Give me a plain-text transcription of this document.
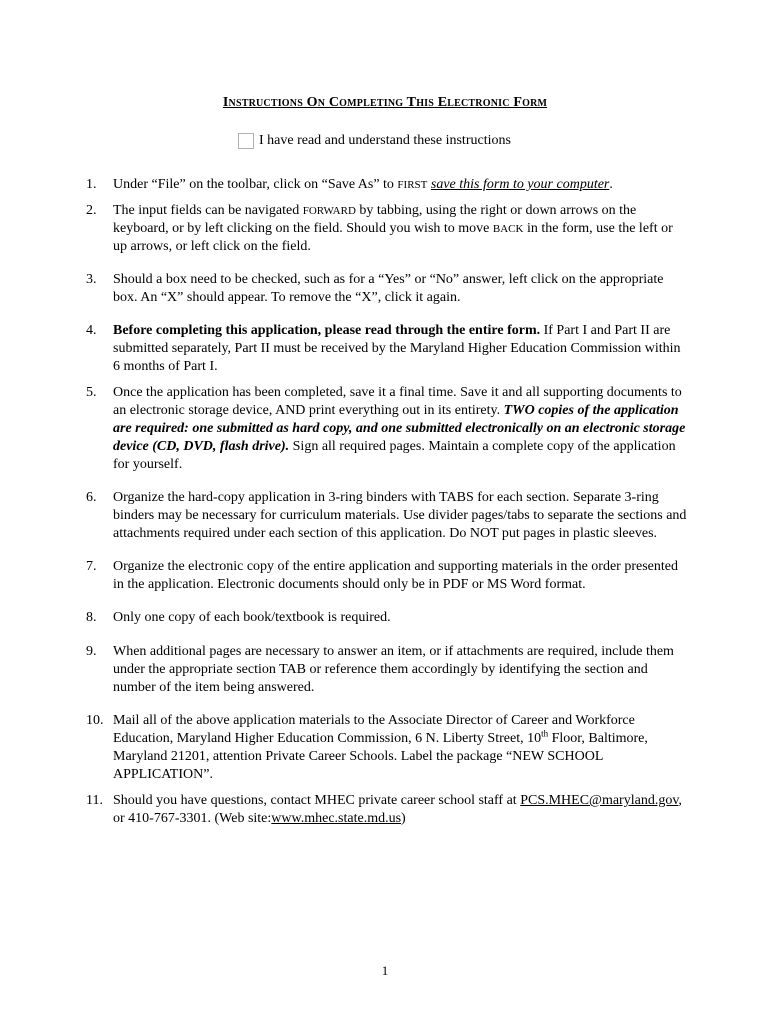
Instructions On Completing This Electronic Form
I have read and understand these instructions
1.	Under “File” on the toolbar, click on “Save As” to FIRST save this form to your computer.
2.	The input fields can be navigated FORWARD by tabbing, using the right or down arrows on the keyboard, or by left clicking on the field. Should you wish to move BACK in the form, use the left or up arrows, or left click on the field.
3.	Should a box need to be checked, such as for a “Yes” or “No” answer, left click on the appropriate box. An “X” should appear. To remove the “X”, click it again.
4.	Before completing this application, please read through the entire form. If Part I and Part II are submitted separately, Part II must be received by the Maryland Higher Education Commission within 6 months of Part I.
5.	Once the application has been completed, save it a final time. Save it and all supporting documents to an electronic storage device, AND print everything out in its entirety. TWO copies of the application are required: one submitted as hard copy, and one submitted electronically on an electronic storage device (CD, DVD, flash drive). Sign all required pages. Maintain a complete copy of the application for yourself.
6.	Organize the hard-copy application in 3-ring binders with TABS for each section. Separate 3-ring binders may be necessary for curriculum materials. Use divider pages/tabs to separate the sections and attachments required under each section of this application. Do NOT put pages in plastic sleeves.
7.	Organize the electronic copy of the entire application and supporting materials in the order presented in the application. Electronic documents should only be in PDF or MS Word format.
8.	Only one copy of each book/textbook is required.
9.	When additional pages are necessary to answer an item, or if attachments are required, include them under the appropriate section TAB or reference them accordingly by identifying the section and number of the item being answered.
10. Mail all of the above application materials to the Associate Director of Career and Workforce Education, Maryland Higher Education Commission, 6 N. Liberty Street, 10th Floor, Baltimore, Maryland 21201, attention Private Career Schools. Label the package “NEW SCHOOL APPLICATION”.
11. Should you have questions, contact MHEC private career school staff at PCS.MHEC@maryland.gov, or 410-767-3301. (Web site:www.mhec.state.md.us)
1
